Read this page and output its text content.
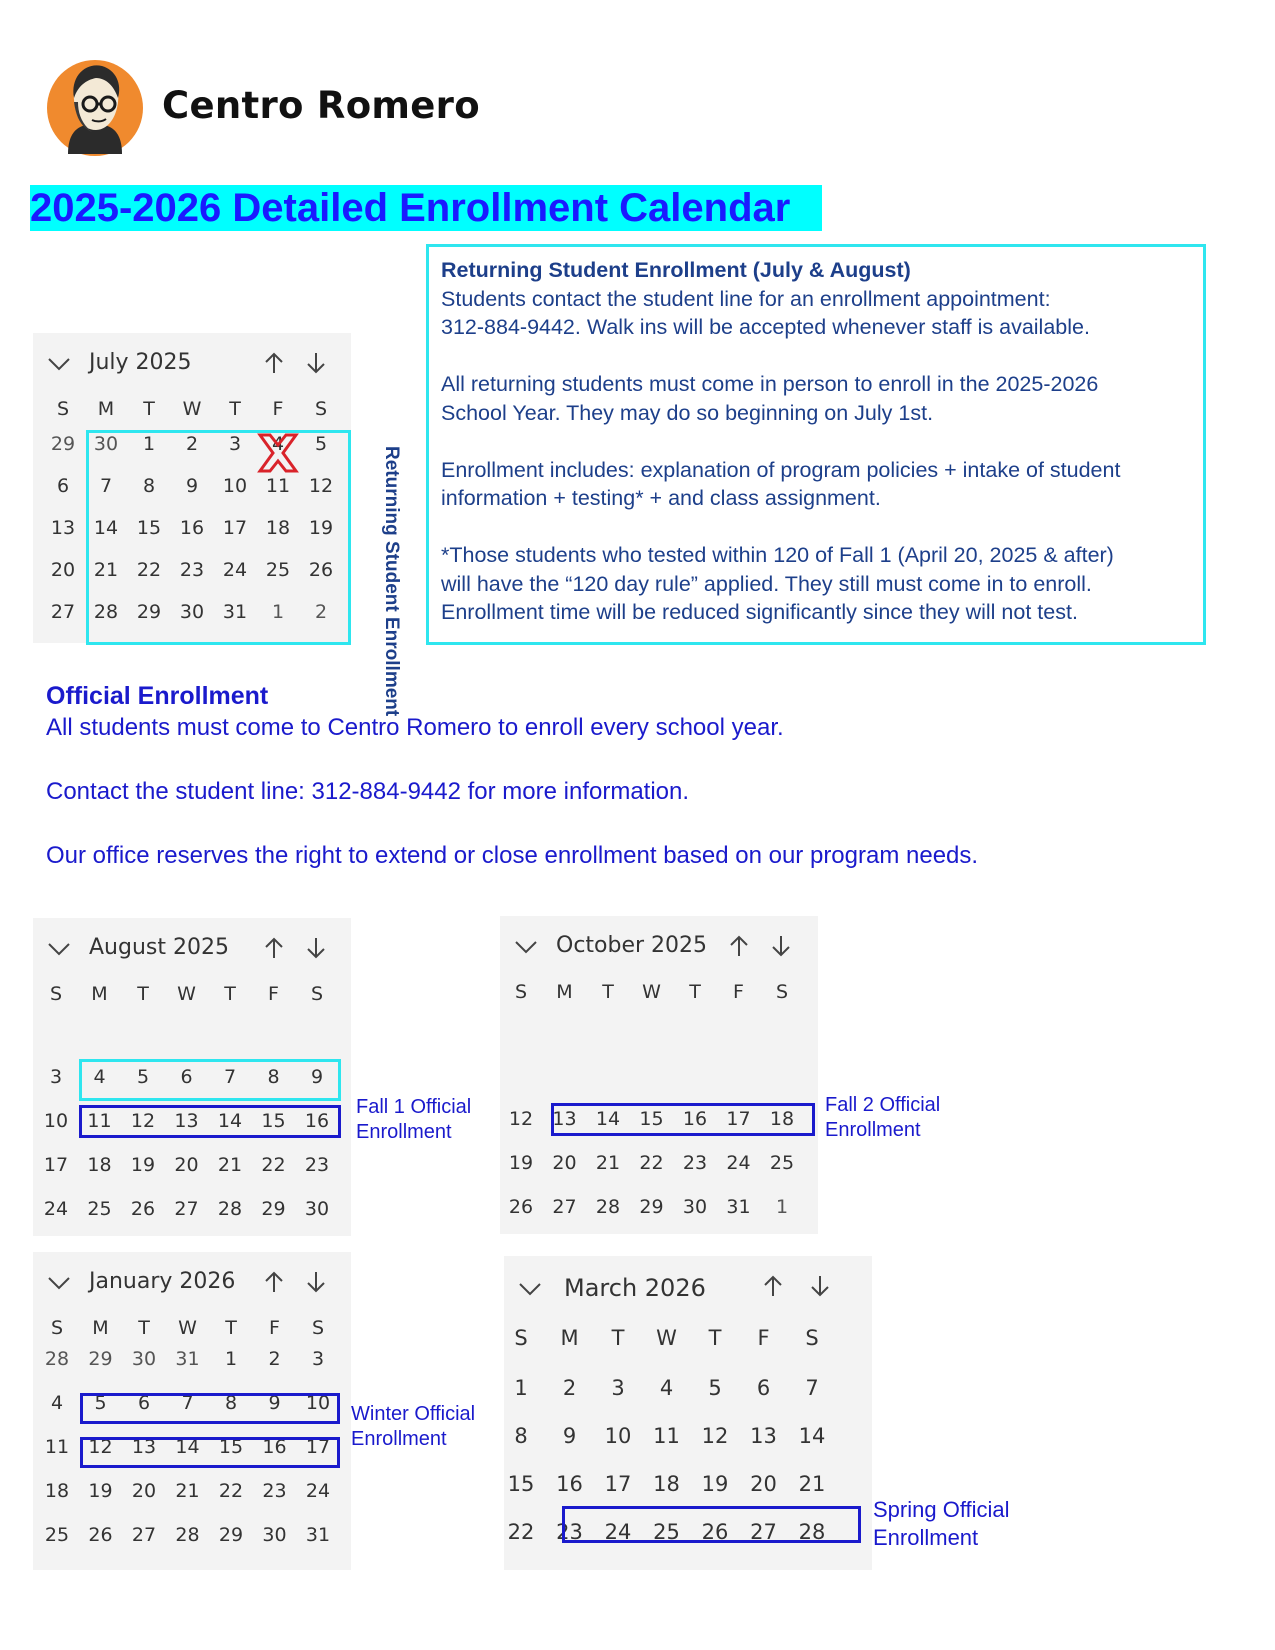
Centro Romero
2025-2026 Detailed Enrollment Calendar

Returning Student Enrollment (July & August)

Students contact the student line for an enrollment appointment:

312-884-9442. Walk ins will be accepted whenever staff is available.

All returning students must come in person to enroll in the 2025-2026

School Year. They may do so beginning on July 1st.

Enrollment includes: explanation of program policies + intake of student

information + testing* + and class assignment.

*Those students who tested within 120 of Fall 1 (April 20, 2025 & after)

will have the “120 day rule” applied. They still must come in to enroll.

Enrollment time will be reduced significantly since they will not test.

Official Enrollment

All students must come to Centro Romero to enroll every school year.

Contact the student line: 312-884-9442 for more information.

Our office reserves the right to extend or close enrollment based on our program needs.

July 2025
S	M	T	W	T	F	S
29 30	1	2	3	4	5
6	7	8	9	10 11 12
13 14 15 16 17 18 19
20 21 22 23 24 25 26
27 28 29 30 31	1	2
August 2025
S	M	T	W	T	F	S
3	4	5	6	7	8	9
10	11	12	13	14	15	16
17	18	19	20	21	22	23
24	25	26	27	28	29	30
October 2025
S	M	T	W	T	F	S
12	13	14	15	16	17	18
19	20	21	22	23	24	25
26	27	28	29	30	31	1
January 2026
S	M	T	W	T	F	S
28	29	30	31	1	2	3
4	5	6	7	8	9	10
11	12	13	14	15	16	17
18	19	20	21	22	23	24
25	26	27	28	29	30	31
March 2026
S	M	T	W	T	F	S
1	2	3	4	5	6	7
8	9	10	11	12	13	14
15	16	17	18	19	20	21
22	23	24	25	26	27	28
Returning Student Enrollment
Fall 1 Official
Enrollment
Fall 2 Official
Enrollment
Winter Official
Enrollment
Spring Official
Enrollment
